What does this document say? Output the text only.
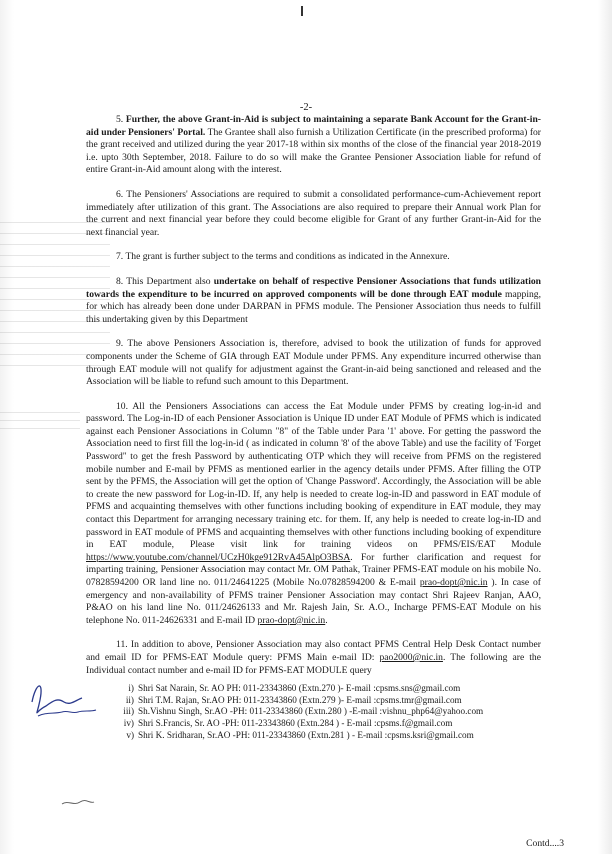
-2-

5. Further, the above Grant-in-Aid is subject to maintaining a separate Bank Account for the Grant-in-aid under Pensioners' Portal. The Grantee shall also furnish a Utilization Certificate (in the prescribed proforma) for the grant received and utilized during the year 2017-18 within six months of the close of the financial year 2018-2019 i.e. upto 30th September, 2018. Failure to do so will make the Grantee Pensioner Association liable for refund of entire Grant-in-Aid amount along with the interest.

6. The Pensioners' Associations are required to submit a consolidated performance-cum-Achievement report immediately after utilization of this grant. The Associations are also required to prepare their Annual work Plan for the current and next financial year before they could become eligible for Grant of any further Grant-in-Aid for the next financial year.

7. The grant is further subject to the terms and conditions as indicated in the Annexure.

8. This Department also undertake on behalf of respective Pensioner Associations that funds utilization towards the expenditure to be incurred on approved components will be done through EAT module mapping, for which has already been done under DARPAN in PFMS module. The Pensioner Association thus needs to fulfill this undertaking given by this Department

9. The above Pensioners Association is, therefore, advised to book the utilization of funds for approved components under the Scheme of GIA through EAT Module under PFMS. Any expenditure incurred otherwise than through EAT module will not qualify for adjustment against the Grant-in-aid being sanctioned and released and the Association will be liable to refund such amount to this Department.

10. All the Pensioners Associations can access the Eat Module under PFMS by creating log-in-id and password. The Log-in-ID of each Pensioner Association is Unique ID under EAT Module of PFMS which is indicated against each Pensioner Associations in Column "8" of the Table under Para '1' above. For getting the password the Association need to first fill the log-in-id ( as indicated in column '8' of the above Table) and use the facility of 'Forget Password" to get the fresh Password by authenticating OTP which they will receive from PFMS on the registered mobile number and E-mail by PFMS as mentioned earlier in the agency details under PFMS. After filling the OTP sent by the PFMS, the Association will get the option of 'Change Password'. Accordingly, the Association will be able to create the new password for Log-in-ID. If, any help is needed to create log-in-ID and password in EAT module of PFMS and acquainting themselves with other functions including booking of expenditure in EAT module, they may contact this Department for arranging necessary training etc. for them. If, any help is needed to create log-in-ID and password in EAT module of PFMS and acquainting themselves with other functions including booking of expenditure in EAT module, Please visit link for training videos on PFMS/EIS/EAT Module https://www.youtube.com/channel/UCzH0kge912RvA45AlpO3BSA. For further clarification and request for imparting training, Pensioner Association may contact Mr. OM Pathak, Trainer PFMS-EAT module on his mobile No. 07828594200 OR land line no. 011/24641225 (Mobile No.07828594200 & E-mail prao-dopt@nic.in ). In case of emergency and non-availability of PFMS trainer Pensioner Association may contact Shri Rajeev Ranjan, AAO, P&AO on his land line No. 011/24626133 and Mr. Rajesh Jain, Sr. A.O., Incharge PFMS-EAT Module on his telephone No. 011-24626331 and E-mail ID prao-dopt@nic.in.

11. In addition to above, Pensioner Association may also contact PFMS Central Help Desk Contact number and email ID for PFMS-EAT Module query: PFMS Main e-mail ID: pao2000@nic.in. The following are the Individual contact number and e-mail ID for PFMS-EAT MODULE query
i) Shri Sat Narain, Sr. AO PH: 011-23343860 (Extn.270 )- E-mail :cpsms.sns@gmail.com
ii) Shri T.M. Rajan, Sr.AO PH: 011-23343860 (Extn.279 )- E-mail :cpsms.tmr@gmail.com
iii) Sh.Vishnu Singh, Sr.AO -PH: 011-23343860 (Extn.280 ) -E-mail :vishnu_php64@yahoo.com
iv) Shri S.Francis, Sr. AO -PH: 011-23343860 (Extn.284 ) - E-mail :cpsms.f@gmail.com
v) Shri K. Sridharan, Sr.AO -PH: 011-23343860 (Extn.281 ) - E-mail :cpsms.ksri@gmail.com
Contd....3
